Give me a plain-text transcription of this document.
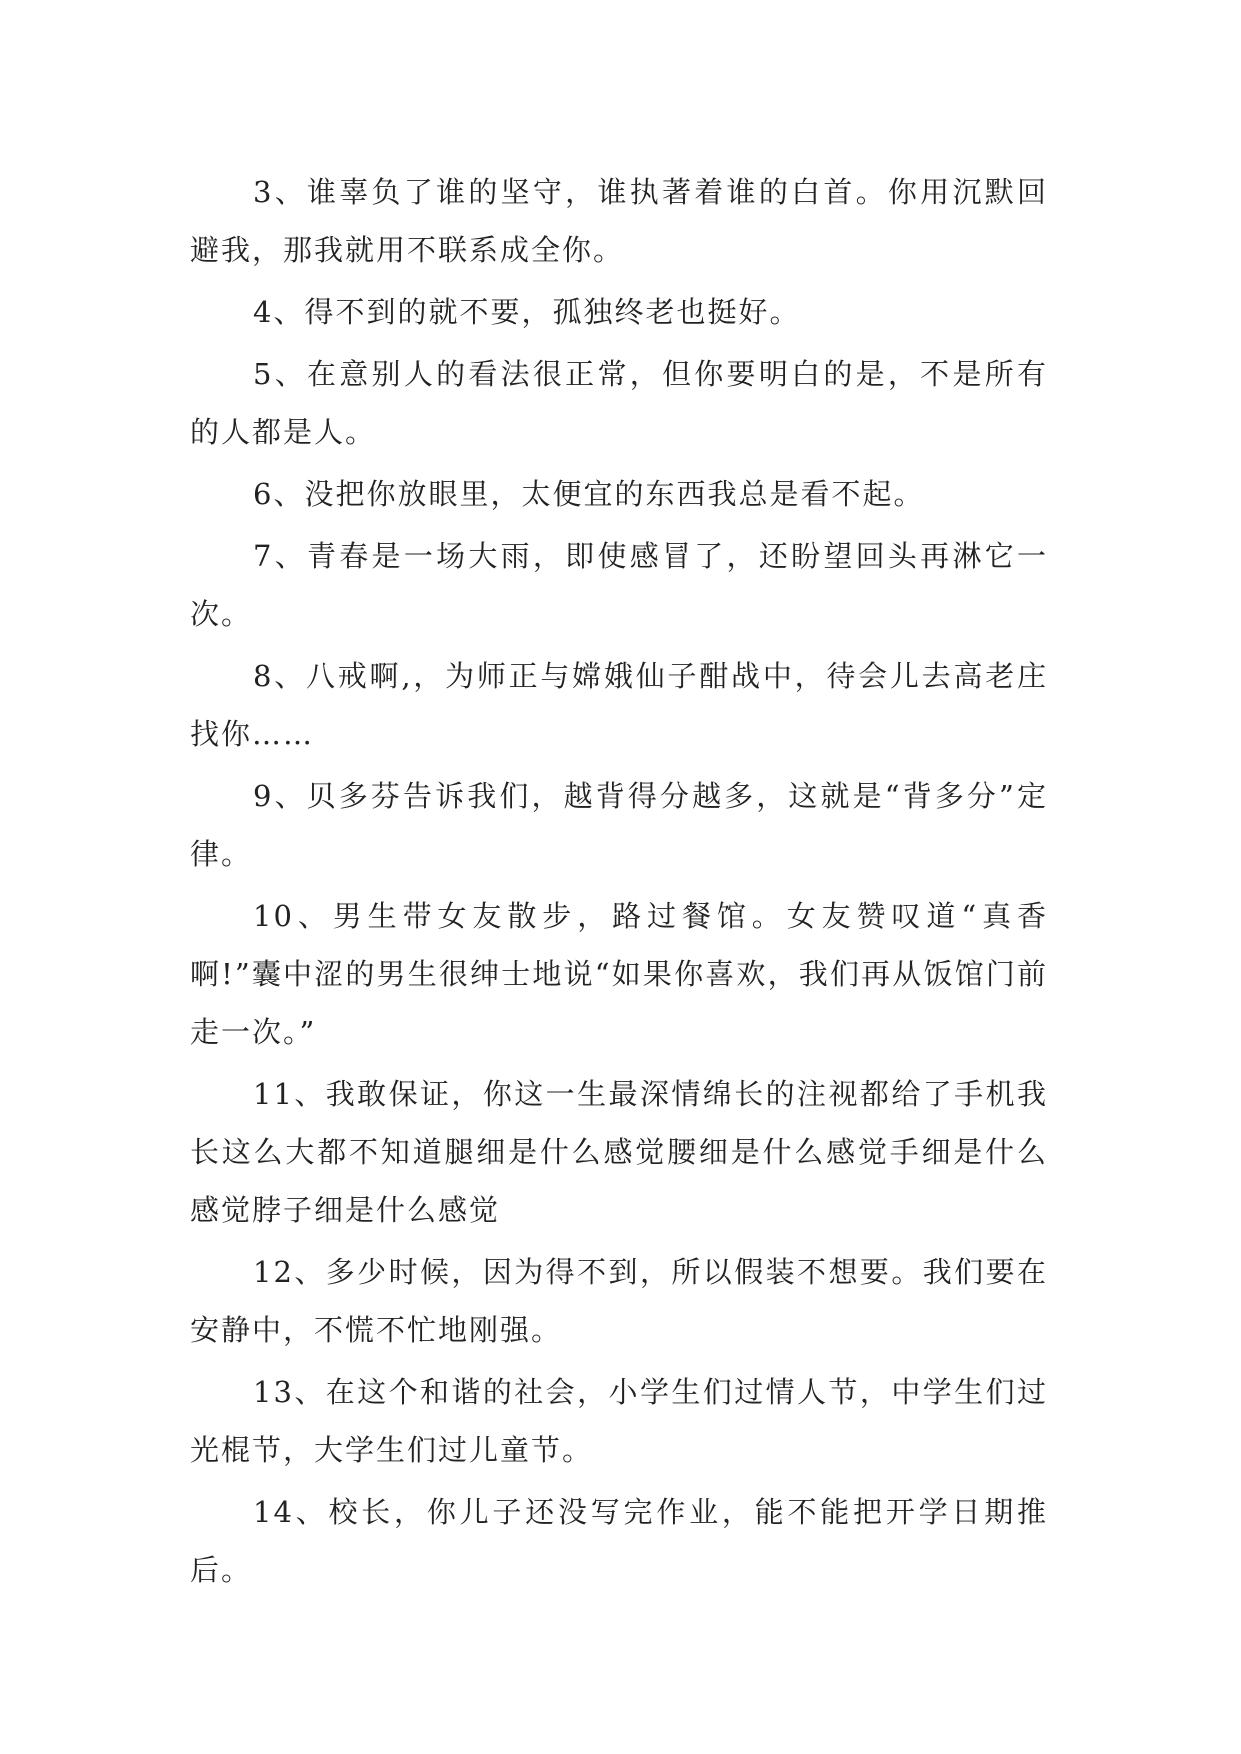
3、谁辜负了谁的坚守，谁执著着谁的白首。你用沉默回避我，那我就用不联系成全你。

4、得不到的就不要，孤独终老也挺好。

5、在意别人的看法很正常，但你要明白的是，不是所有的人都是人。

6、没把你放眼里，太便宜的东西我总是看不起。

7、青春是一场大雨，即使感冒了，还盼望回头再淋它一次。

8、八戒啊,，为师正与嫦娥仙子酣战中，待会儿去高老庄找你……

9、贝多芬告诉我们，越背得分越多，这就是“背多分”定律。

10、男生带女友散步，路过餐馆。女友赞叹道“真香啊!”囊中涩的男生很绅士地说“如果你喜欢，我们再从饭馆门前走一次。”

11、我敢保证，你这一生最深情绵长的注视都给了手机我长这么大都不知道腿细是什么感觉腰细是什么感觉手细是什么感觉脖子细是什么感觉

12、多少时候，因为得不到，所以假装不想要。我们要在安静中，不慌不忙地刚强。

13、在这个和谐的社会，小学生们过情人节，中学生们过光棍节，大学生们过儿童节。

14、校长，你儿子还没写完作业，能不能把开学日期推后。
